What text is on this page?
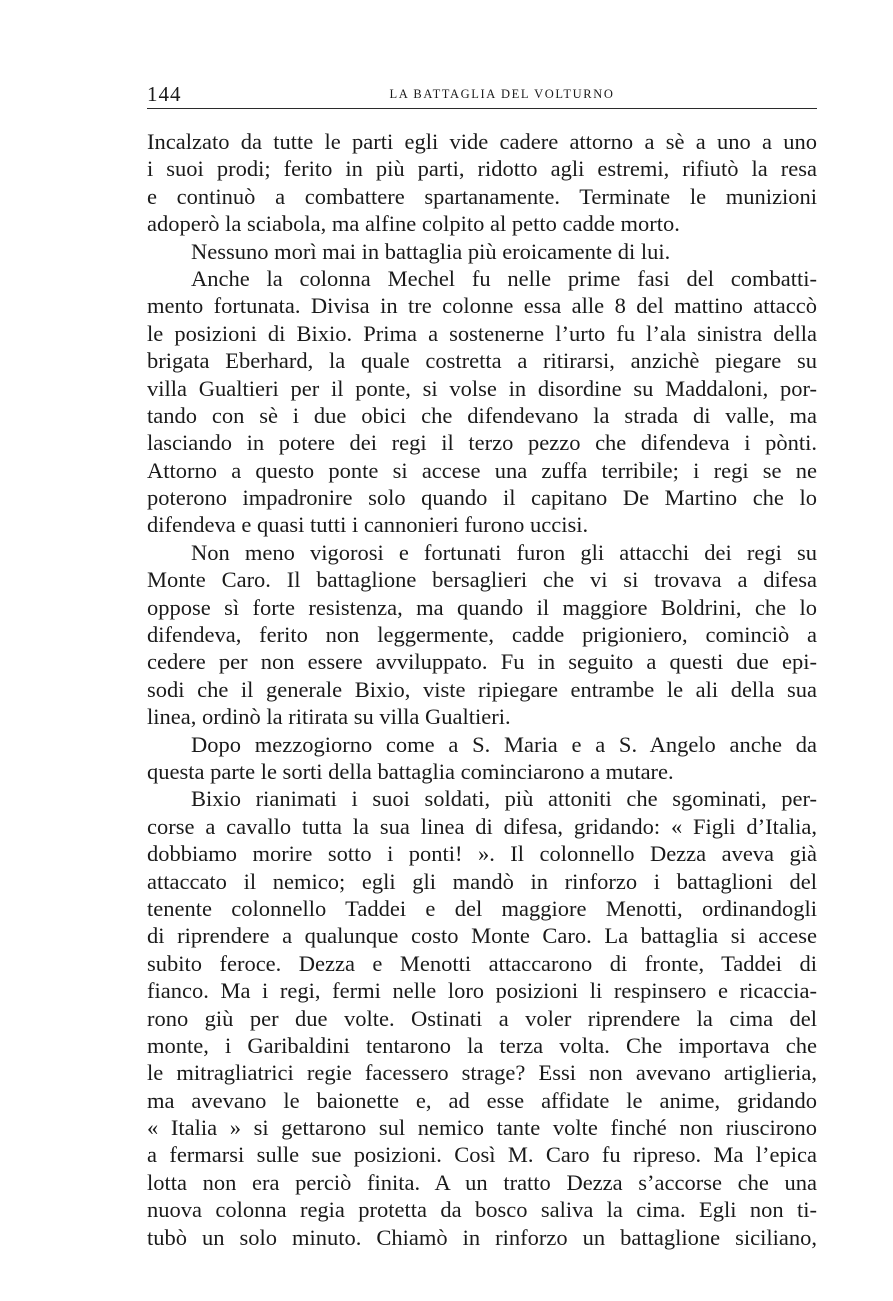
144	LA BATTAGLIA DEL VOLTURNO
Incalzato da tutte le parti egli vide cadere attorno a sè a uno a uno
i suoi prodi; ferito in più parti, ridotto agli estremi, rifiutò la resa
e continuò a combattere spartanamente. Terminate le munizioni
adoperò la sciabola, ma alfine colpito al petto cadde morto.
Nessuno morì mai in battaglia più eroicamente di lui.
Anche la colonna Mechel fu nelle prime fasi del combatti-
mento fortunata. Divisa in tre colonne essa alle 8 del mattino attaccò
le posizioni di Bixio. Prima a sostenerne l’urto fu l’ala sinistra della
brigata Eberhard, la quale costretta a ritirarsi, anzichè piegare su
villa Gualtieri per il ponte, si volse in disordine su Maddaloni, por-
tando con sè i due obici che difendevano la strada di valle, ma
lasciando in potere dei regi il terzo pezzo che difendeva i pònti.
Attorno a questo ponte si accese una zuffa terribile; i regi se ne
poterono impadronire solo quando il capitano De Martino che lo
difendeva e quasi tutti i cannonieri furono uccisi.
Non meno vigorosi e fortunati furon gli attacchi dei regi su
Monte Caro. Il battaglione bersaglieri che vi si trovava a difesa
oppose sì forte resistenza, ma quando il maggiore Boldrini, che lo
difendeva, ferito non leggermente, cadde prigioniero, cominciò a
cedere per non essere avviluppato. Fu in seguito a questi due epi-
sodi che il generale Bixio, viste ripiegare entrambe le ali della sua
linea, ordinò la ritirata su villa Gualtieri.
Dopo mezzogiorno come a S. Maria e a S. Angelo anche da
questa parte le sorti della battaglia cominciarono a mutare.
Bixio rianimati i suoi soldati, più attoniti che sgominati, per-
corse a cavallo tutta la sua linea di difesa, gridando: « Figli d’Italia,
dobbiamo morire sotto i ponti! ». Il colonnello Dezza aveva già
attaccato il nemico; egli gli mandò in rinforzo i battaglioni del
tenente colonnello Taddei e del maggiore Menotti, ordinandogli
di riprendere a qualunque costo Monte Caro. La battaglia si accese
subito feroce. Dezza e Menotti attaccarono di fronte, Taddei di
fianco. Ma i regi, fermi nelle loro posizioni li respinsero e ricaccia-
rono giù per due volte. Ostinati a voler riprendere la cima del
monte, i Garibaldini tentarono la terza volta. Che importava che
le mitragliatrici regie facessero strage? Essi non avevano artiglieria,
ma avevano le baionette e, ad esse affidate le anime, gridando
« Italia » si gettarono sul nemico tante volte finché non riuscirono
a fermarsi sulle sue posizioni. Così M. Caro fu ripreso. Ma l’epica
lotta non era perciò finita. A un tratto Dezza s’accorse che una
nuova colonna regia protetta da bosco saliva la cima. Egli non ti-
tubò un solo minuto. Chiamò in rinforzo un battaglione siciliano,
